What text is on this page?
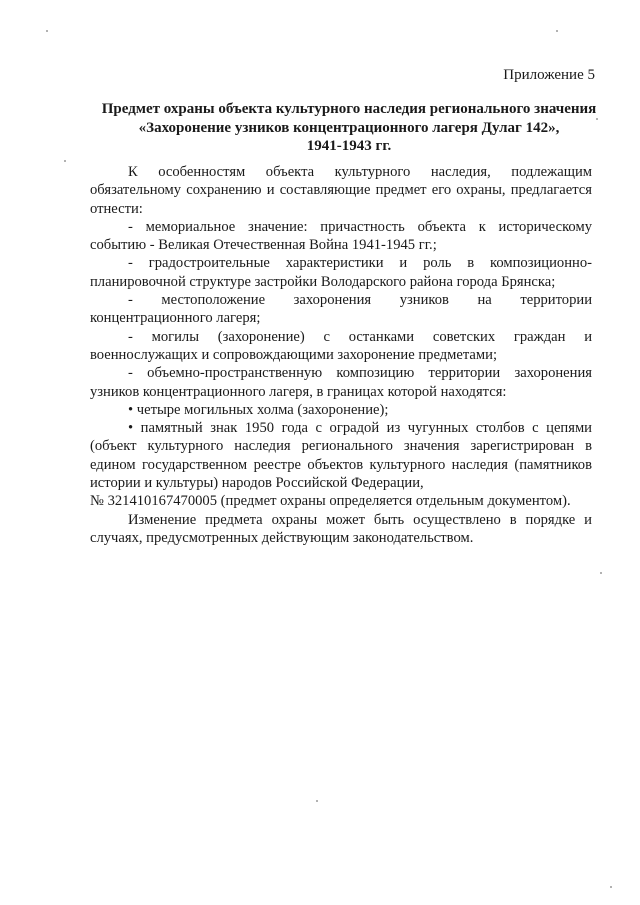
Приложение 5
Предмет охраны объекта культурного наследия регионального значения
«Захоронение узников концентрационного лагеря Дулаг 142»,
1941-1943 гг.

К особенностям объекта культурного наследия, подлежащим обязательному сохранению и составляющие предмет его охраны, предлагается отнести:

- мемориальное значение: причастность объекта к историческому событию - Великая Отечественная Война 1941-1945 гг.;

- градостроительные характеристики и роль в композиционно-планировочной структуре застройки Володарского района города Брянска;

- местоположение захоронения узников на территории концентрационного лагеря;

- могилы (захоронение) с останками советских граждан и военнослужащих и сопровождающими захоронение предметами;

- объемно-пространственную композицию территории захоронения узников концентрационного лагеря, в границах которой находятся:

• четыре могильных холма (захоронение);

• памятный знак 1950 года с оградой из чугунных столбов с цепями (объект культурного наследия регионального значения зарегистрирован в едином государственном реестре объектов культурного наследия (памятников истории и культуры) народов Российской Федерации,

№ 321410167470005 (предмет охраны определяется отдельным документом).

Изменение предмета охраны может быть осуществлено в порядке и случаях, предусмотренных действующим законодательством.
